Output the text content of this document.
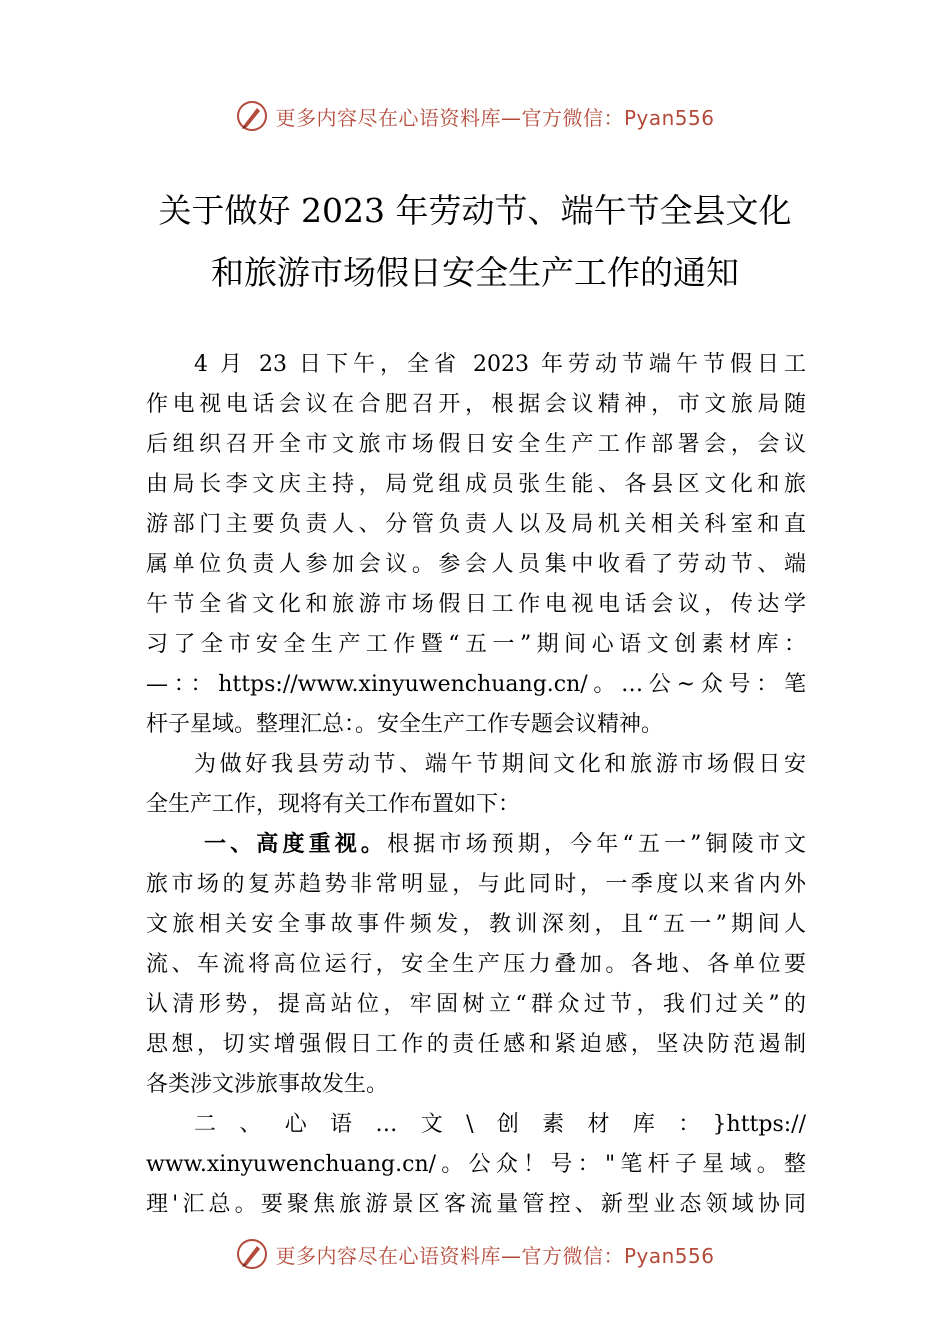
更多内容尽在心语资料库—官方微信：Pyan556
关于做好 2023 年劳动节、端午节全县文化
和旅游市场假日安全生产工作的通知
4 月 23 日下午，全省 2023 年劳动节端午节假日工
作电视电话会议在合肥召开，根据会议精神，市文旅局随
后组织召开全市文旅市场假日安全生产工作部署会，会议
由局长李文庆主持，局党组成员张生能、各县区文化和旅
游部门主要负责人、分管负责人以及局机关相关科室和直
属单位负责人参加会议。参会人员集中收看了劳动节、端
午节全省文化和旅游市场假日工作电视电话会议，传达学
习了全市安全生产工作暨“五一”期间心语文创素材库：
—：：https://www.xinyuwenchuang.cn/。…公~众号：笔
杆子星域。整理汇总：。安全生产工作专题会议精神。
为做好我县劳动节、端午节期间文化和旅游市场假日安
全生产工作，现将有关工作布置如下：
一、高度重视。根据市场预期，今年“五一”铜陵市文
旅市场的复苏趋势非常明显，与此同时，一季度以来省内外
文旅相关安全事故事件频发，教训深刻，且“五一”期间人
流、车流将高位运行，安全生产压力叠加。各地、各单位要
认清形势，提高站位，牢固树立“群众过节，我们过关”的
思想，切实增强假日工作的责任感和紧迫感，坚决防范遏制
各类涉文涉旅事故发生。
二、心语…文\创素材库：}https://
www.xinyuwenchuang.cn/。公众！号："笔杆子星域。整
理'汇总。要聚焦旅游景区客流量管控、新型业态领域协同
更多内容尽在心语资料库—官方微信：Pyan556
